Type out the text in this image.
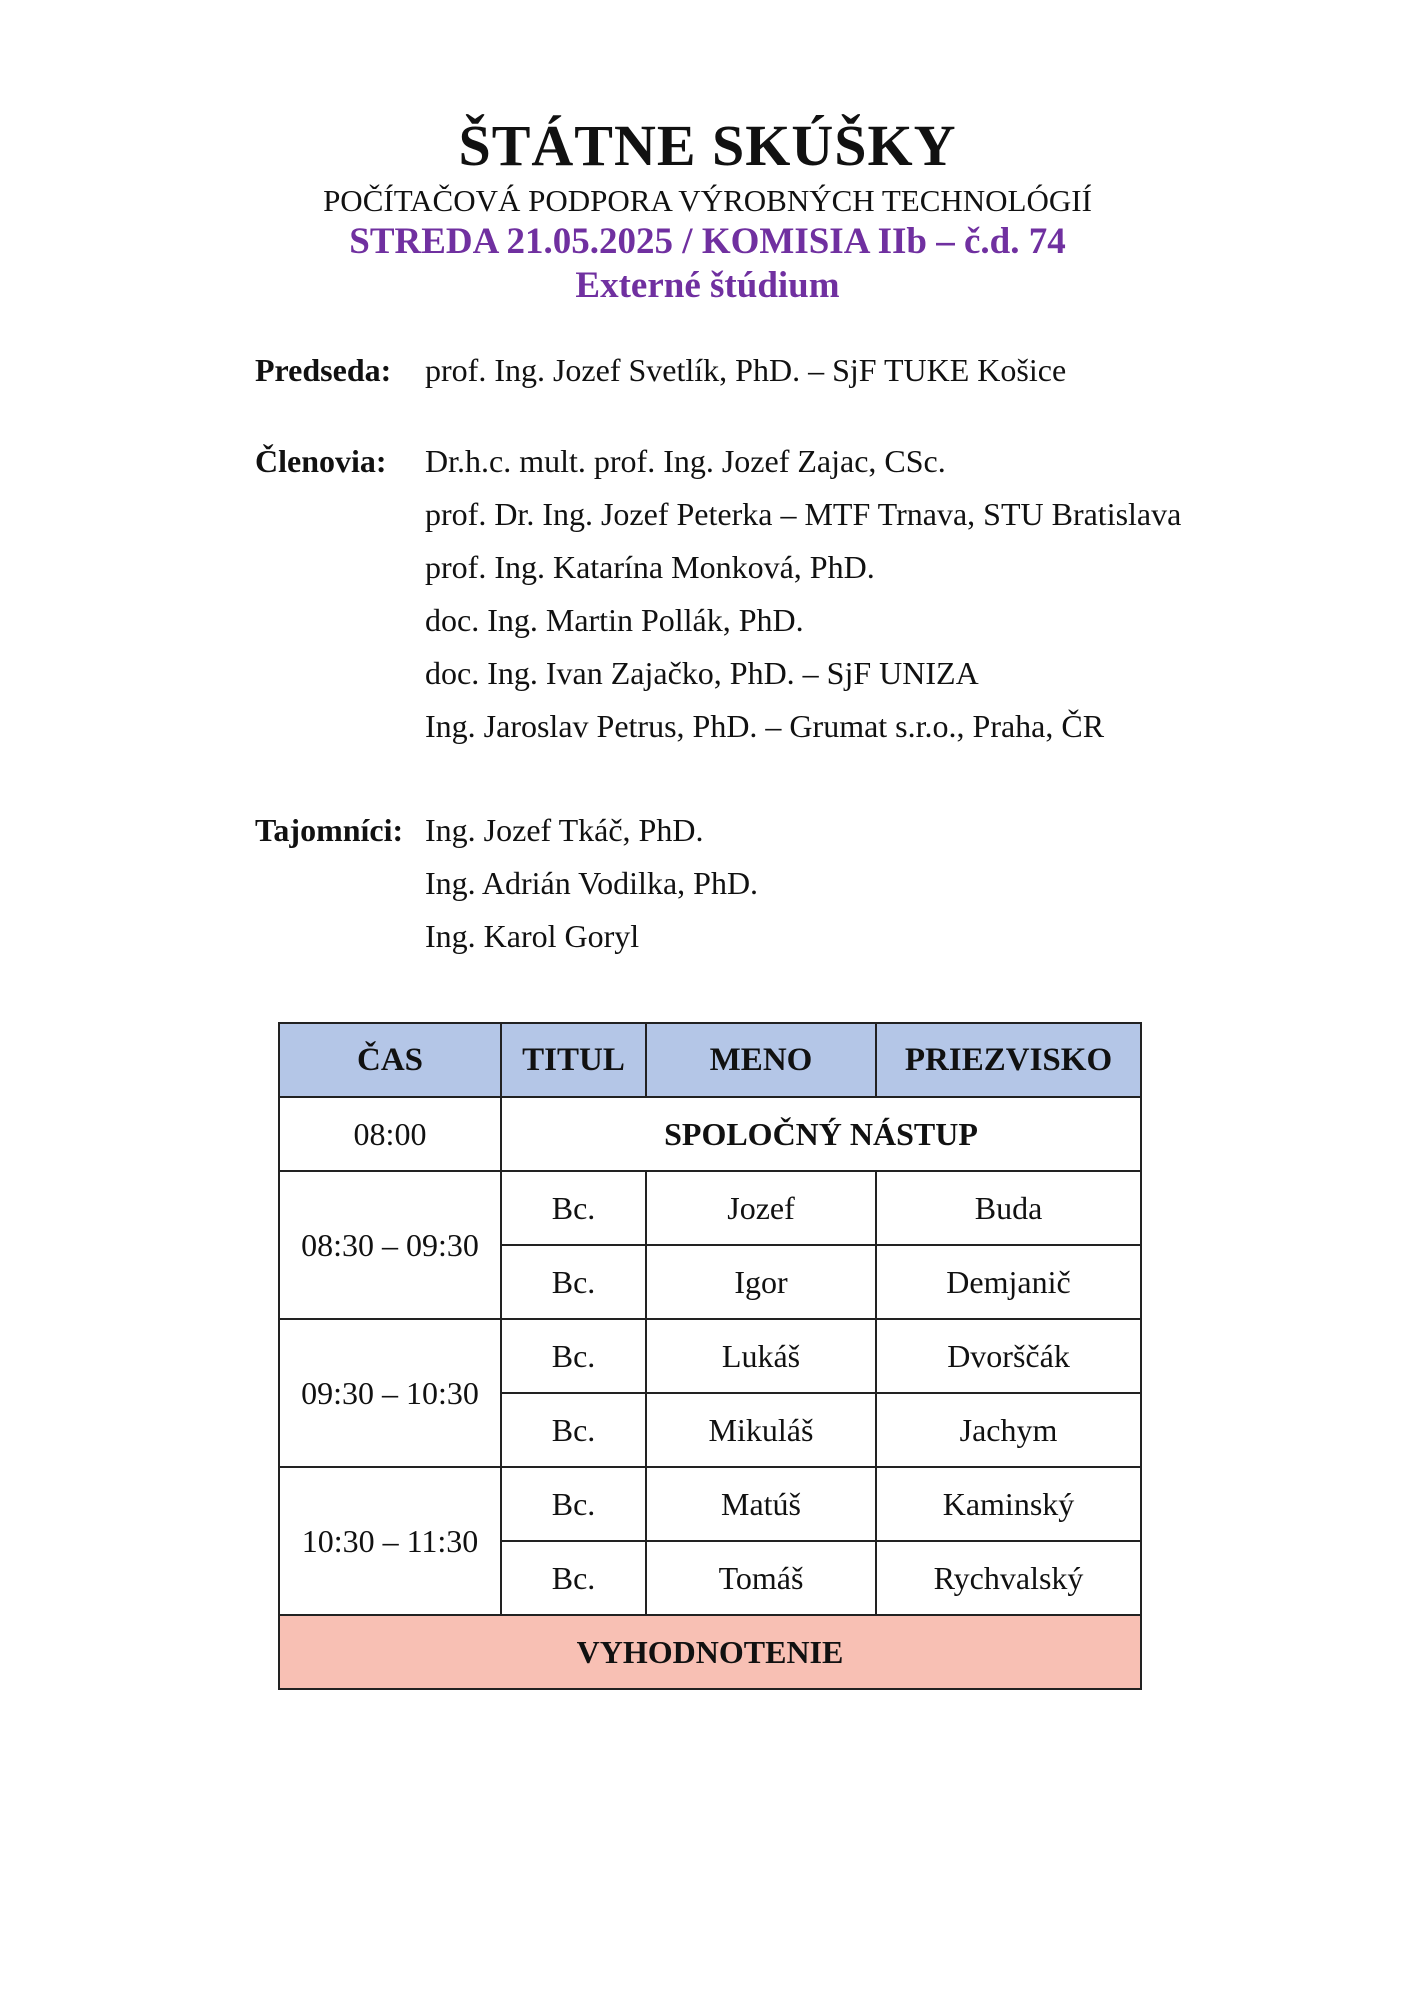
ŠTÁTNE SKÚŠKY
POČÍTAČOVÁ PODPORA VÝROBNÝCH TECHNOLÓGIÍ
STREDA 21.05.2025 / KOMISIA IIb – č.d. 74
Externé štúdium
Predseda: prof. Ing. Jozef Svetlík, PhD. – SjF TUKE Košice
Členovia: Dr.h.c. mult. prof. Ing. Jozef Zajac, CSc.
prof. Dr. Ing. Jozef Peterka – MTF Trnava, STU Bratislava
prof. Ing. Katarína Monková, PhD.
doc. Ing. Martin Pollák, PhD.
doc. Ing. Ivan Zajačko, PhD. – SjF UNIZA
Ing. Jaroslav Petrus, PhD. – Grumat s.r.o., Praha, ČR
Tajomníci: Ing. Jozef Tkáč, PhD.
Ing. Adrián Vodilka, PhD.
Ing. Karol Goryl
ČAS	TITUL	MENO	PRIEZVISKO
08:00	SPOLOČNÝ NÁSTUP		
08:30 – 09:30	Bc.	Jozef	Buda
	Bc.	Igor	Demjanič
09:30 – 10:30	Bc.	Lukáš	Dvorščák
	Bc.	Mikuláš	Jachym
10:30 – 11:30	Bc.	Matúš	Kaminský
	Bc.	Tomáš	Rychvalský
VYHODNOTENIE			
